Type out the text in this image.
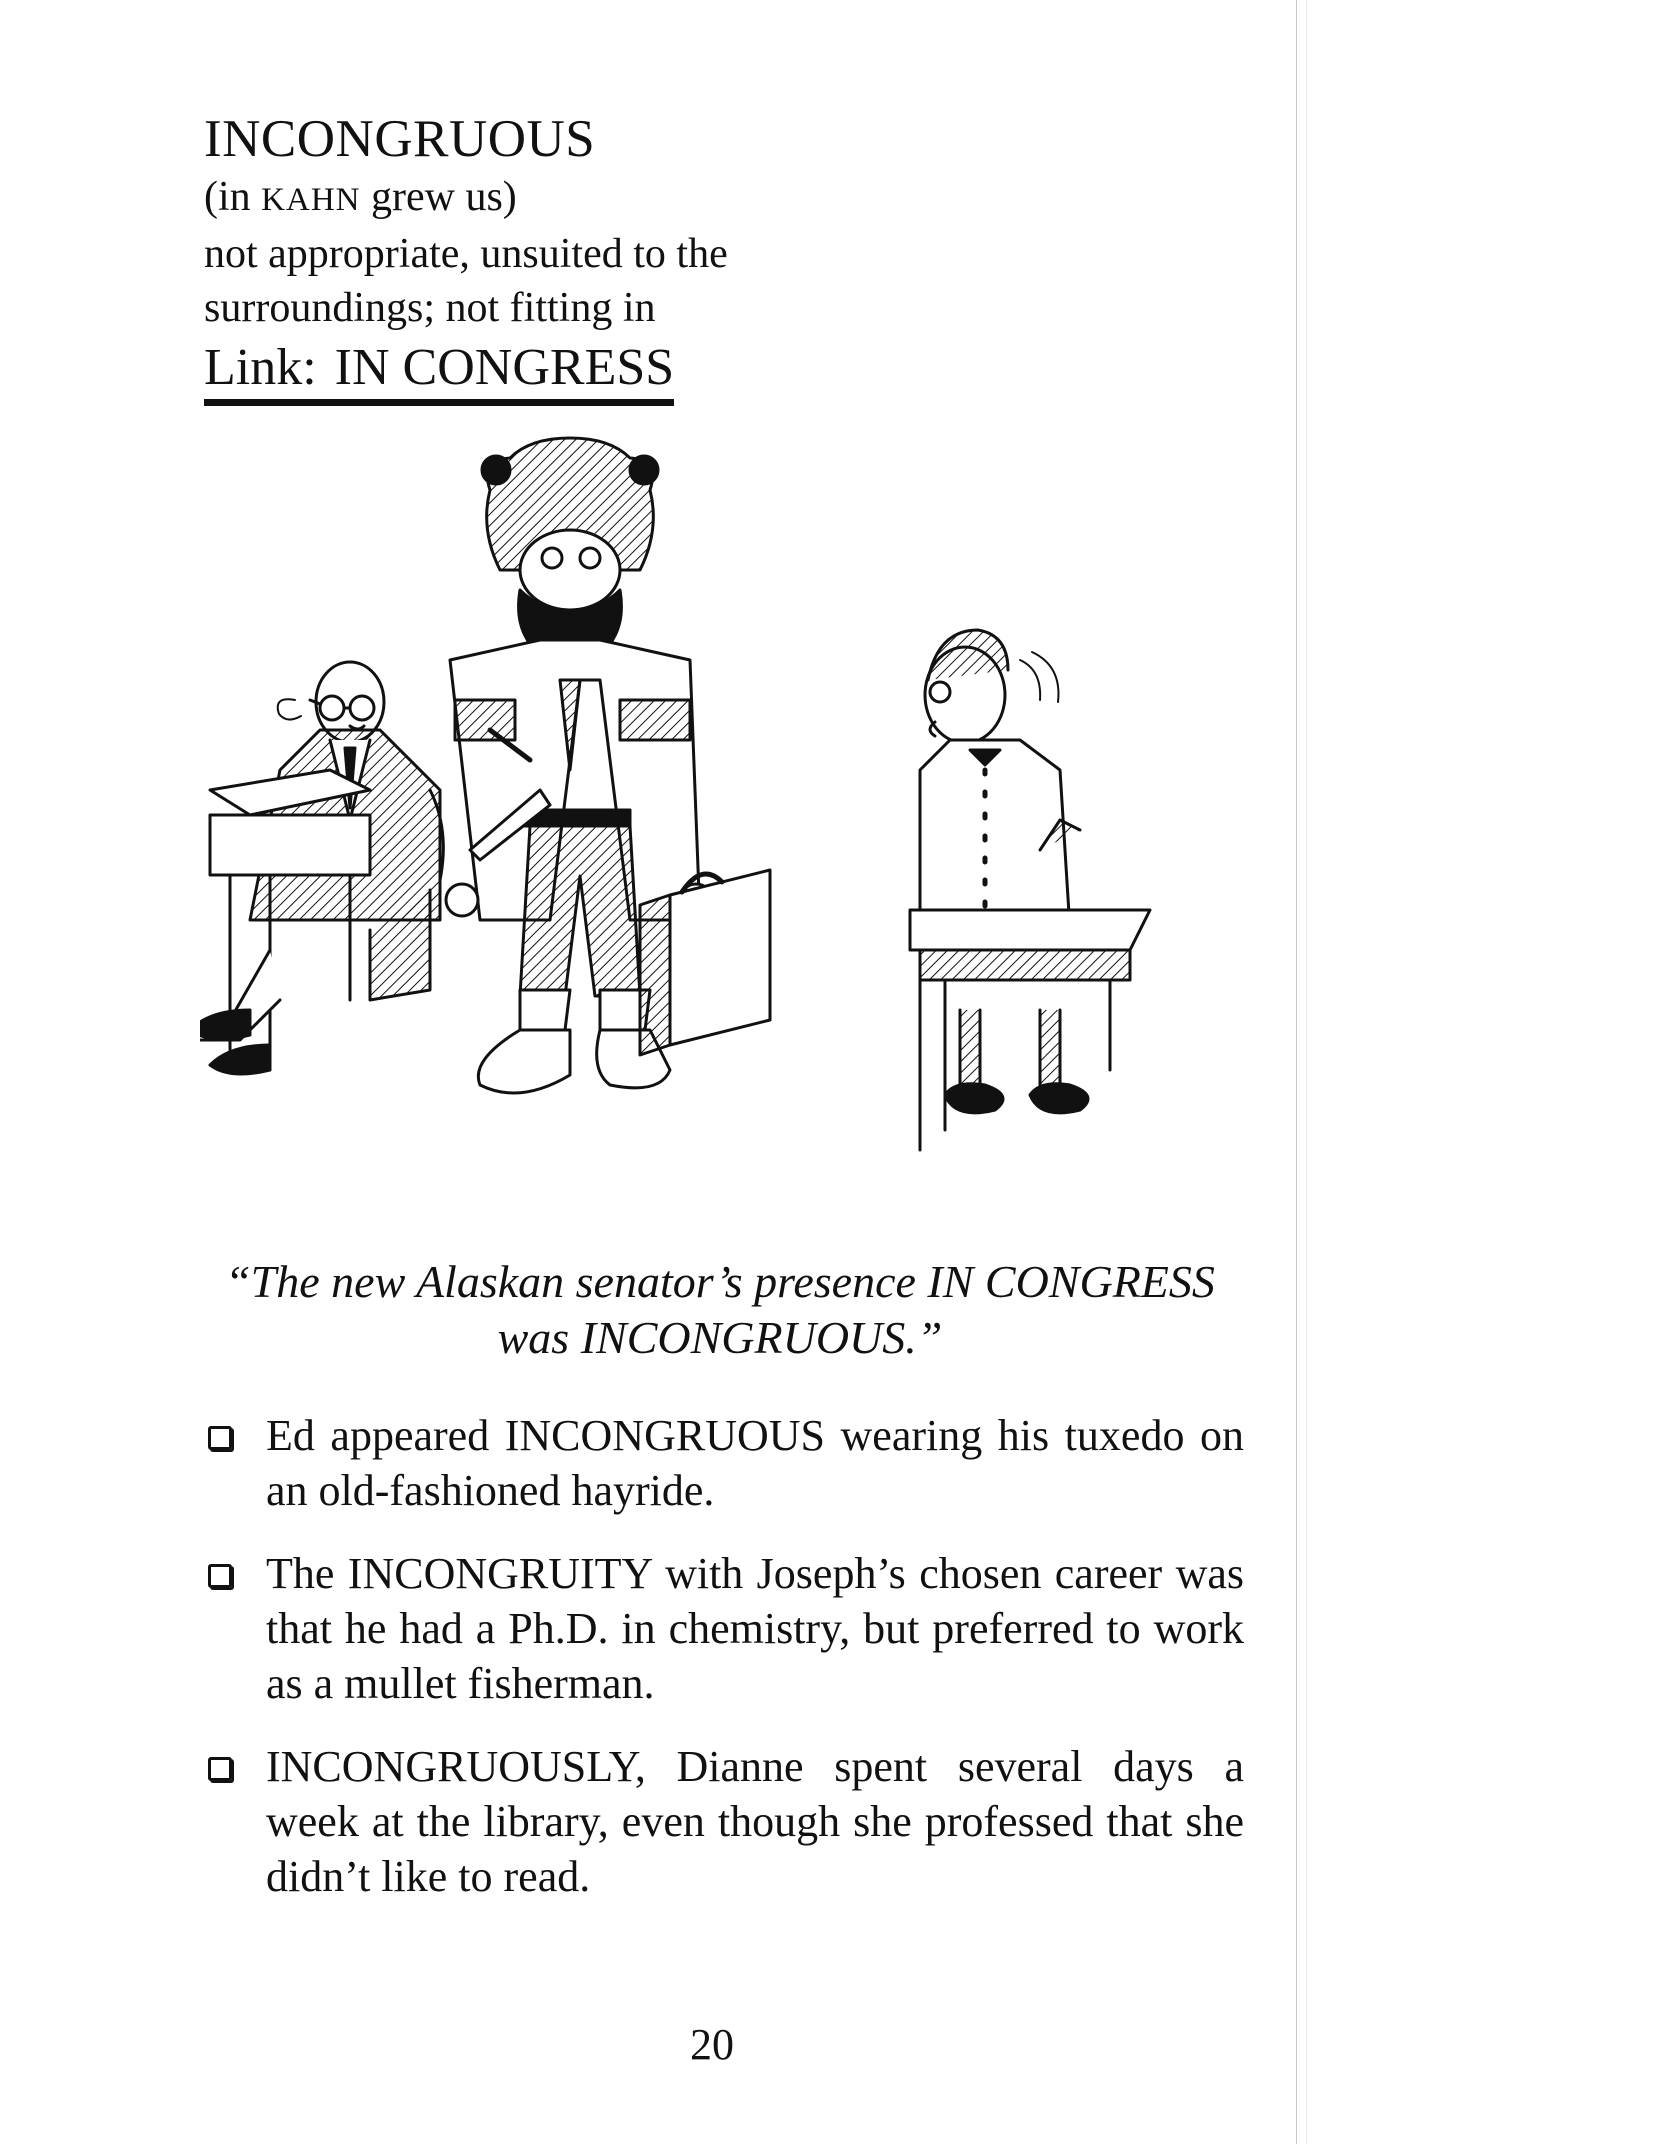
INCONGRUOUS
(in KAHN grew us)
not appropriate, unsuited to the
surroundings; not fitting in
Link: IN CONGRESS
“The new Alaskan senator’s presence IN CONGRESS
was INCONGRUOUS.”
Ed appeared INCONGRUOUS wearing his tuxedo on an old-fashioned hayride.
The INCONGRUITY with Joseph’s chosen career was that he had a Ph.D. in chemistry, but preferred to work as a mullet fisherman.
INCONGRUOUSLY, Dianne spent several days a week at the library, even though she professed that she didn’t like to read.
20
